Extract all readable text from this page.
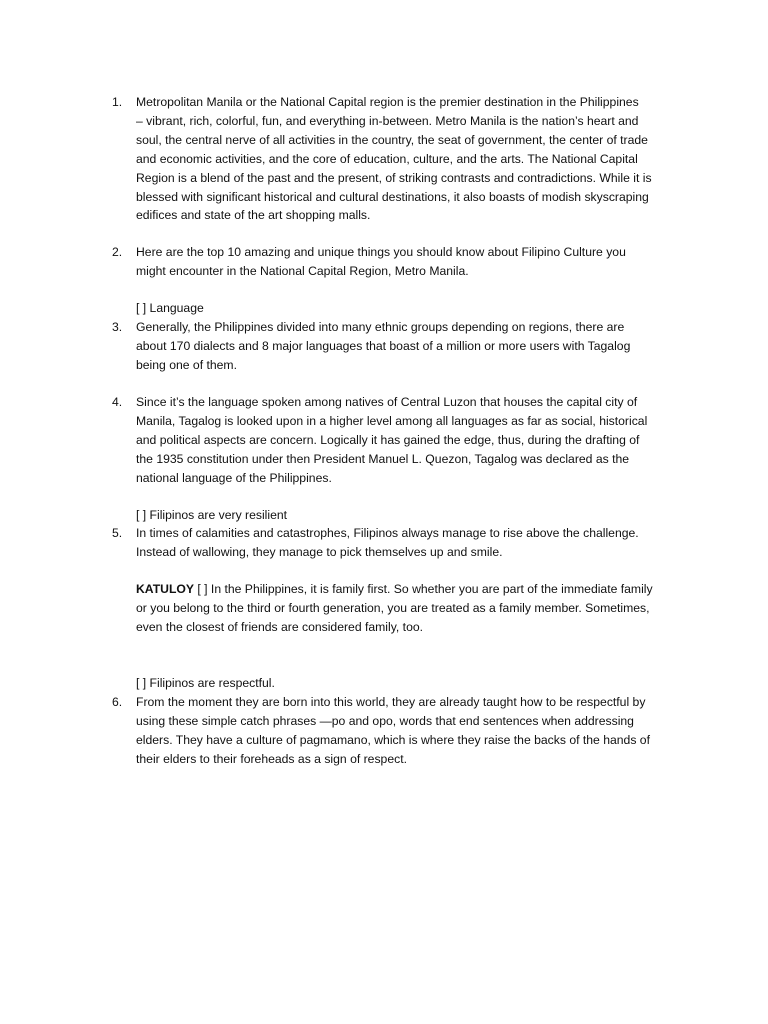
1. Metropolitan Manila or the National Capital region is the premier destination in the Philippines
– vibrant, rich, colorful, fun, and everything in-between. Metro Manila is the nation’s heart and
soul, the central nerve of all activities in the country, the seat of government, the center of trade
and economic activities, and the core of education, culture, and the arts. The National Capital
Region is a blend of the past and the present, of striking contrasts and contradictions. While it is
blessed with significant historical and cultural destinations, it also boasts of modish skyscraping
edifices and state of the art shopping malls.
2. Here are the top 10 amazing and unique things you should know about Filipino Culture you
might encounter in the National Capital Region, Metro Manila.
[ ] Language
3. Generally, the Philippines divided into many ethnic groups depending on regions, there are
about 170 dialects and 8 major languages that boast of a million or more users with Tagalog
being one of them.
4. Since it’s the language spoken among natives of Central Luzon that houses the capital city of
Manila, Tagalog is looked upon in a higher level among all languages as far as social, historical
and political aspects are concern. Logically it has gained the edge, thus, during the drafting of
the 1935 constitution under then President Manuel L. Quezon, Tagalog was declared as the
national language of the Philippines.
[ ] Filipinos are very resilient
5. In times of calamities and catastrophes, Filipinos always manage to rise above the challenge.
Instead of wallowing, they manage to pick themselves up and smile.
KATULOY [ ] In the Philippines, it is family first. So whether you are part of the immediate family
or you belong to the third or fourth generation, you are treated as a family member. Sometimes,
even the closest of friends are considered family, too.
[ ] Filipinos are respectful.
6. From the moment they are born into this world, they are already taught how to be respectful by
using these simple catch phrases —po and opo, words that end sentences when addressing
elders. They have a culture of pagmamano, which is where they raise the backs of the hands of
their elders to their foreheads as a sign of respect.
